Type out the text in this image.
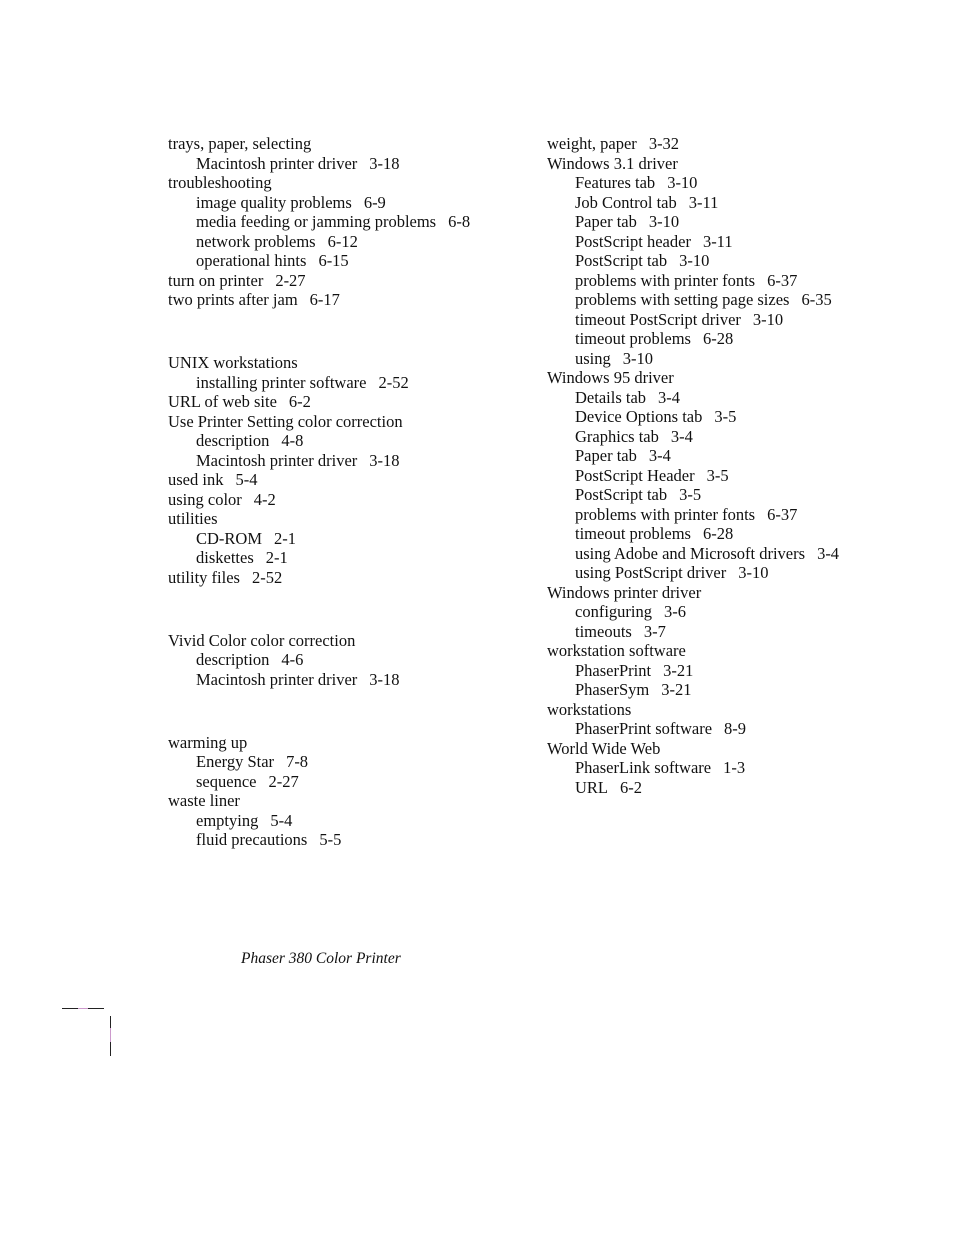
trays, paper, selecting
Macintosh printer driver 3-18
troubleshooting
image quality problems 6-9
media feeding or jamming problems 6-8
network problems 6-12
operational hints 6-15
turn on printer 2-27
two prints after jam 6-17
UNIX workstations
installing printer software 2-52
URL of web site 6-2
Use Printer Setting color correction
description 4-8
Macintosh printer driver 3-18
used ink 5-4
using color 4-2
utilities
CD-ROM 2-1
diskettes 2-1
utility files 2-52
Vivid Color color correction
description 4-6
Macintosh printer driver 3-18
warming up
Energy Star 7-8
sequence 2-27
waste liner
emptying 5-4
fluid precautions 5-5
weight, paper 3-32
Windows 3.1 driver
Features tab 3-10
Job Control tab 3-11
Paper tab 3-10
PostScript header 3-11
PostScript tab 3-10
problems with printer fonts 6-37
problems with setting page sizes 6-35
timeout PostScript driver 3-10
timeout problems 6-28
using 3-10
Windows 95 driver
Details tab 3-4
Device Options tab 3-5
Graphics tab 3-4
Paper tab 3-4
PostScript Header 3-5
PostScript tab 3-5
problems with printer fonts 6-37
timeout problems 6-28
using Adobe and Microsoft drivers 3-4
using PostScript driver 3-10
Windows printer driver
configuring 3-6
timeouts 3-7
workstation software
PhaserPrint 3-21
PhaserSym 3-21
workstations
PhaserPrint software 8-9
World Wide Web
PhaserLink software 1-3
URL 6-2
Phaser 380 Color Printer
